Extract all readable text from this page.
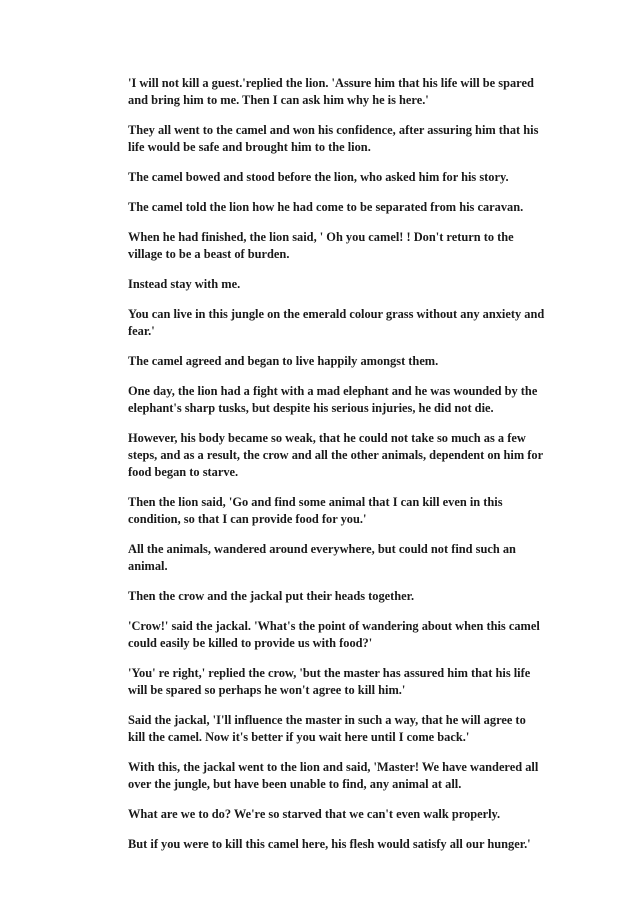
'I will not kill a guest.'replied the lion. 'Assure him that his life will be spared
and bring him to me. Then I can ask him why he is here.'

They all went to the camel and won his confidence, after assuring him that his
life would be safe and brought him to the lion.

The camel bowed and stood before the lion, who asked him for his story.

The camel told the lion how he had come to be separated from his caravan.

When he had finished, the lion said, ' Oh you camel! ! Don't return to the
village to be a beast of burden.

Instead stay with me.

You can live in this jungle on the emerald colour grass without any anxiety and
fear.'

The camel agreed and began to live happily amongst them.

One day, the lion had a fight with a mad elephant and he was wounded by the
elephant's sharp tusks, but despite his serious injuries, he did not die.

However, his body became so weak, that he could not take so much as a few
steps, and as a result, the crow and all the other animals, dependent on him for
food began to starve.

Then the lion said, 'Go and find some animal that I can kill even in this
condition, so that I can provide food for you.'

All the animals, wandered around everywhere, but could not find such an
animal.

Then the crow and the jackal put their heads together.

'Crow!' said the jackal. 'What's the point of wandering about when this camel
could easily be killed to provide us with food?'

'You' re right,' replied the crow, 'but the master has assured him that his life
will be spared so perhaps he won't agree to kill him.'

Said the jackal, 'I'll influence the master in such a way, that he will agree to
kill the camel. Now it's better if you wait here until I come back.'

With this, the jackal went to the lion and said, 'Master! We have wandered all
over the jungle, but have been unable to find, any animal at all.

What are we to do? We're so starved that we can't even walk properly.

But if you were to kill this camel here, his flesh would satisfy all our hunger.'
